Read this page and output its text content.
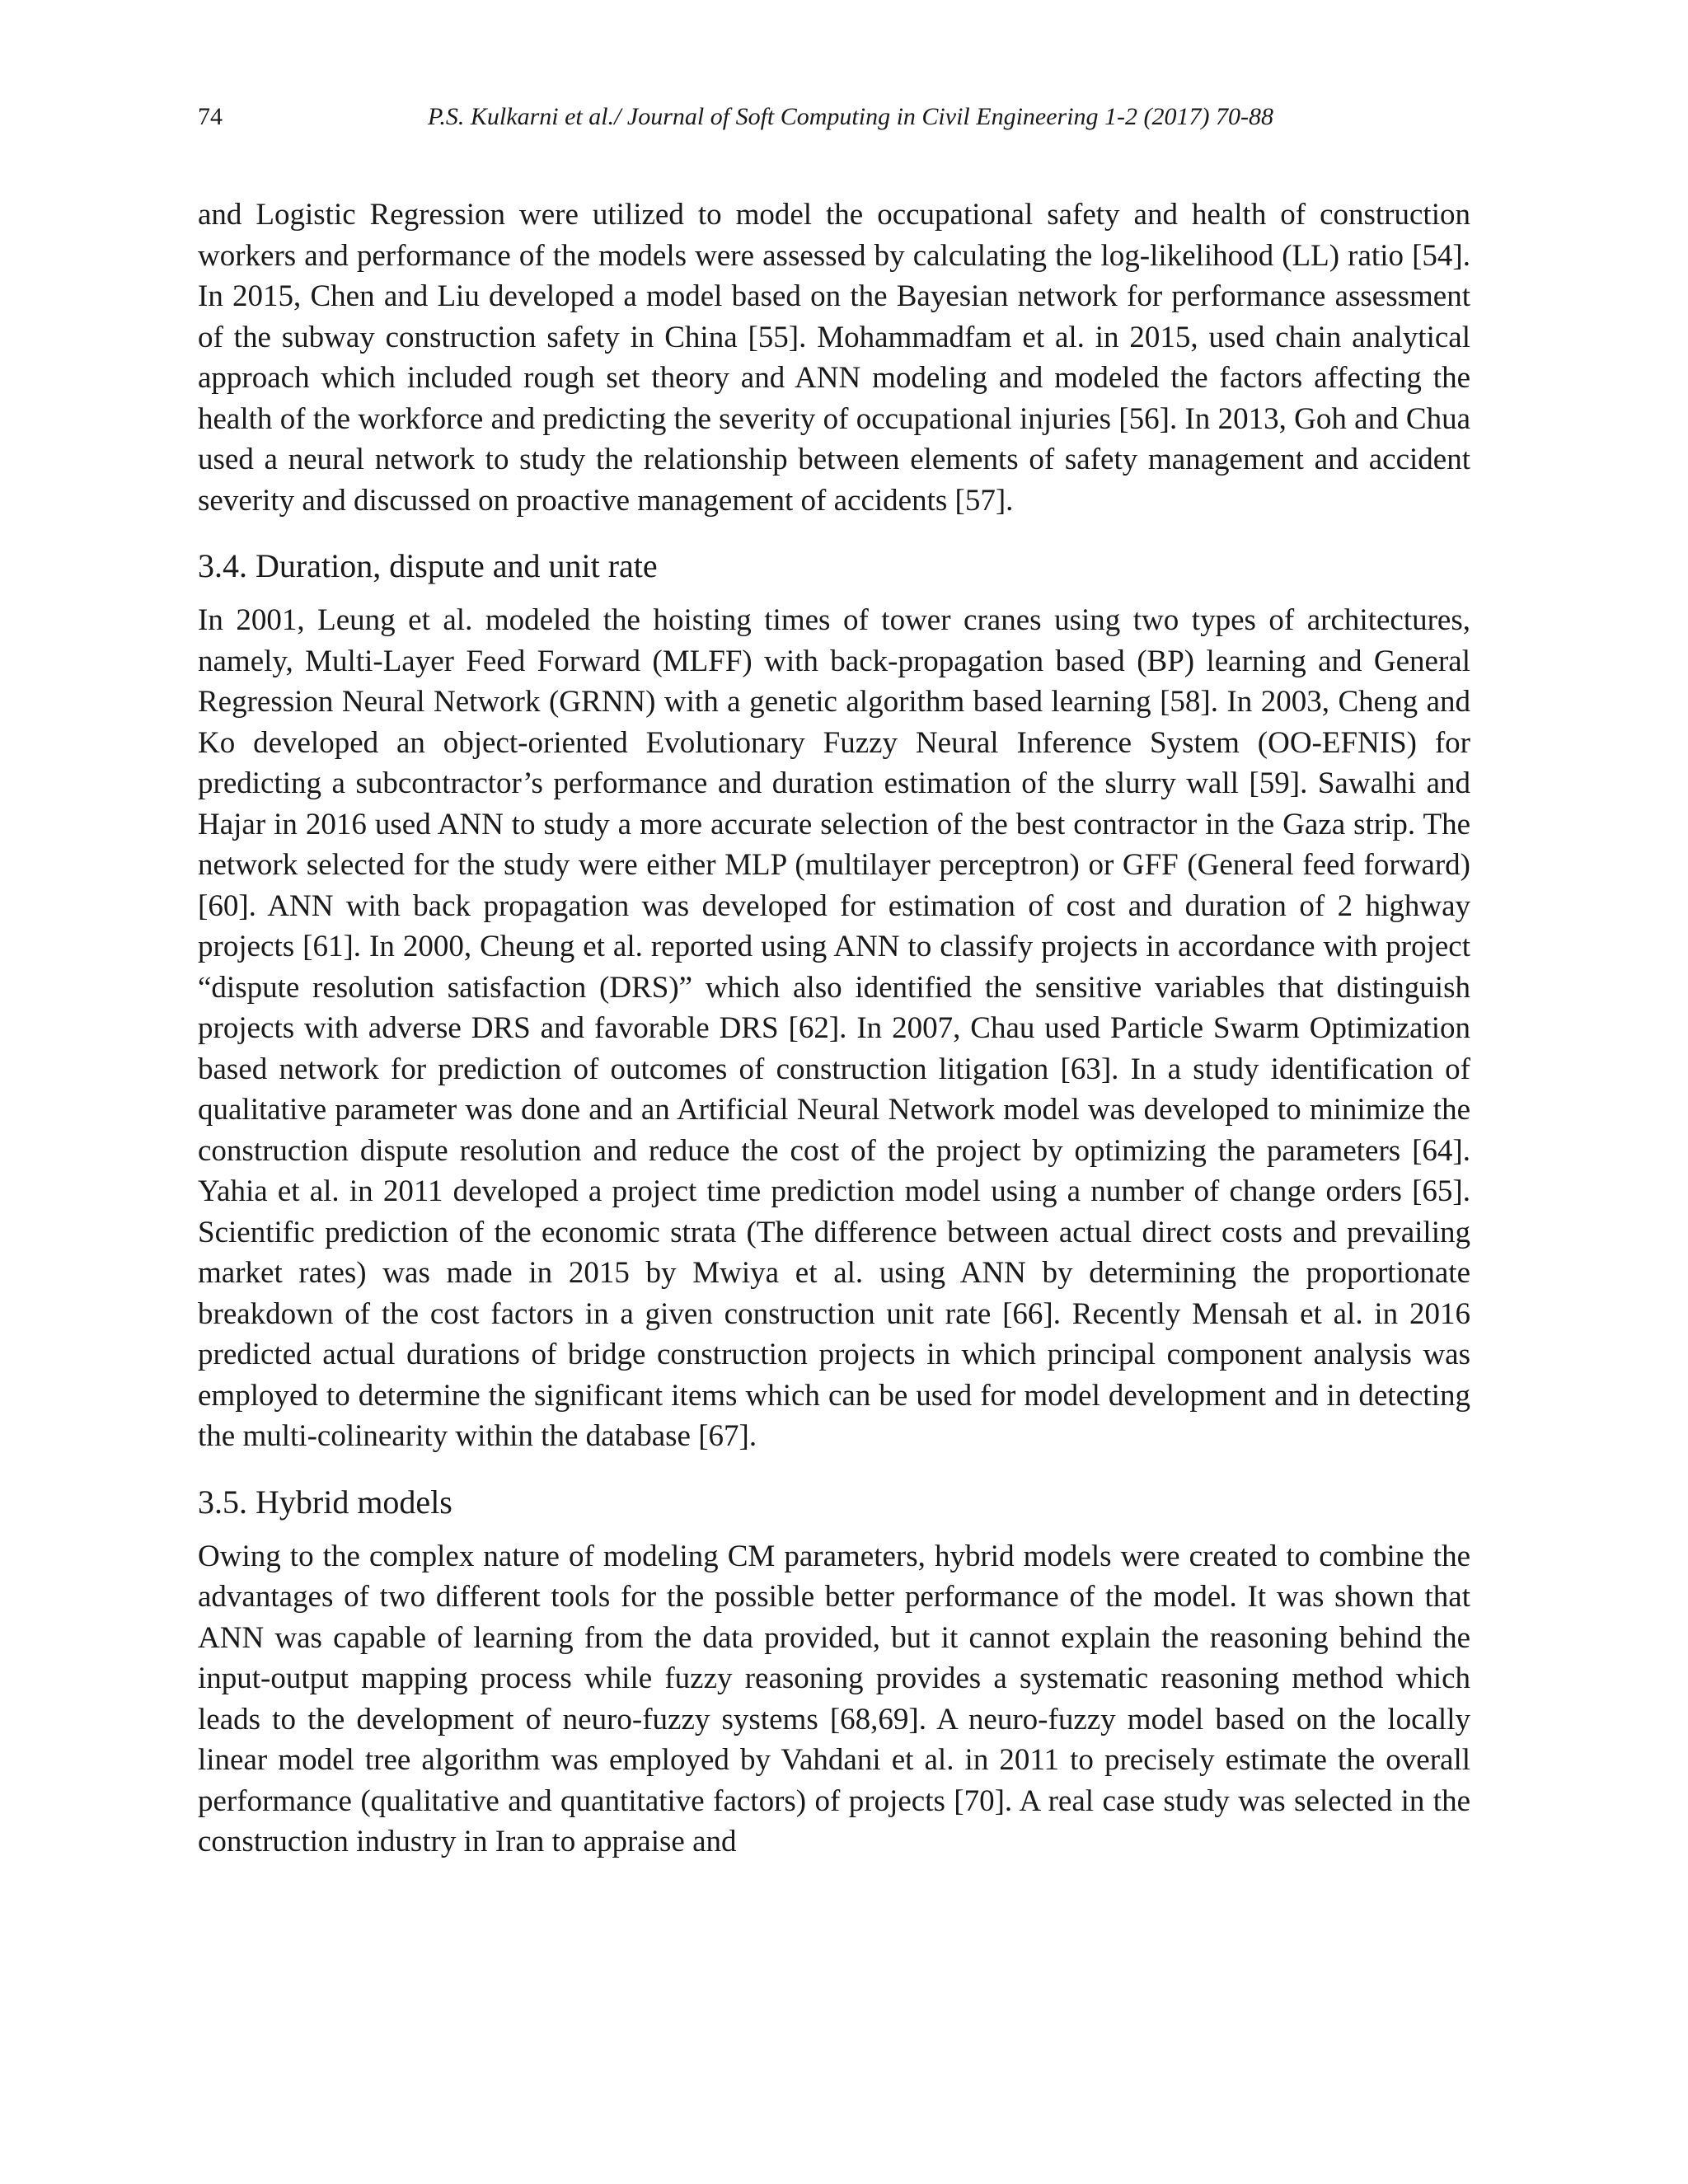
74	P.S. Kulkarni et al./ Journal of Soft Computing in Civil Engineering 1-2 (2017) 70-88

and Logistic Regression were utilized to model the occupational safety and health of construction workers and performance of the models were assessed by calculating the log-likelihood (LL) ratio [54]. In 2015, Chen and Liu developed a model based on the Bayesian network for performance assessment of the subway construction safety in China [55]. Mohammadfam et al. in 2015, used chain analytical approach which included rough set theory and ANN modeling and modeled the factors affecting the health of the workforce and predicting the severity of occupational injuries [56]. In 2013, Goh and Chua used a neural network to study the relationship between elements of safety management and accident severity and discussed on proactive management of accidents [57].

3.4. Duration, dispute and unit rate

In 2001, Leung et al. modeled the hoisting times of tower cranes using two types of architectures, namely, Multi-Layer Feed Forward (MLFF) with back-propagation based (BP) learning and General Regression Neural Network (GRNN) with a genetic algorithm based learning [58]. In 2003, Cheng and Ko developed an object-oriented Evolutionary Fuzzy Neural Inference System (OO-EFNIS) for predicting a subcontractor’s performance and duration estimation of the slurry wall [59]. Sawalhi and Hajar in 2016 used ANN to study a more accurate selection of the best contractor in the Gaza strip. The network selected for the study were either MLP (multilayer perceptron) or GFF (General feed forward) [60]. ANN with back propagation was developed for estimation of cost and duration of 2 highway projects [61]. In 2000, Cheung et al. reported using ANN to classify projects in accordance with project “dispute resolution satisfaction (DRS)” which also identified the sensitive variables that distinguish projects with adverse DRS and favorable DRS [62]. In 2007, Chau used Particle Swarm Optimization based network for prediction of outcomes of construction litigation [63]. In a study identification of qualitative parameter was done and an Artificial Neural Network model was developed to minimize the construction dispute resolution and reduce the cost of the project by optimizing the parameters [64]. Yahia et al. in 2011 developed a project time prediction model using a number of change orders [65]. Scientific prediction of the economic strata (The difference between actual direct costs and prevailing market rates) was made in 2015 by Mwiya et al. using ANN by determining the proportionate breakdown of the cost factors in a given construction unit rate [66]. Recently Mensah et al. in 2016 predicted actual durations of bridge construction projects in which principal component analysis was employed to determine the significant items which can be used for model development and in detecting the multi-colinearity within the database [67].

3.5. Hybrid models

Owing to the complex nature of modeling CM parameters, hybrid models were created to combine the advantages of two different tools for the possible better performance of the model. It was shown that ANN was capable of learning from the data provided, but it cannot explain the reasoning behind the input-output mapping process while fuzzy reasoning provides a systematic reasoning method which leads to the development of neuro-fuzzy systems [68,69]. A neuro-fuzzy model based on the locally linear model tree algorithm was employed by Vahdani et al. in 2011 to precisely estimate the overall performance (qualitative and quantitative factors) of projects [70]. A real case study was selected in the construction industry in Iran to appraise and
